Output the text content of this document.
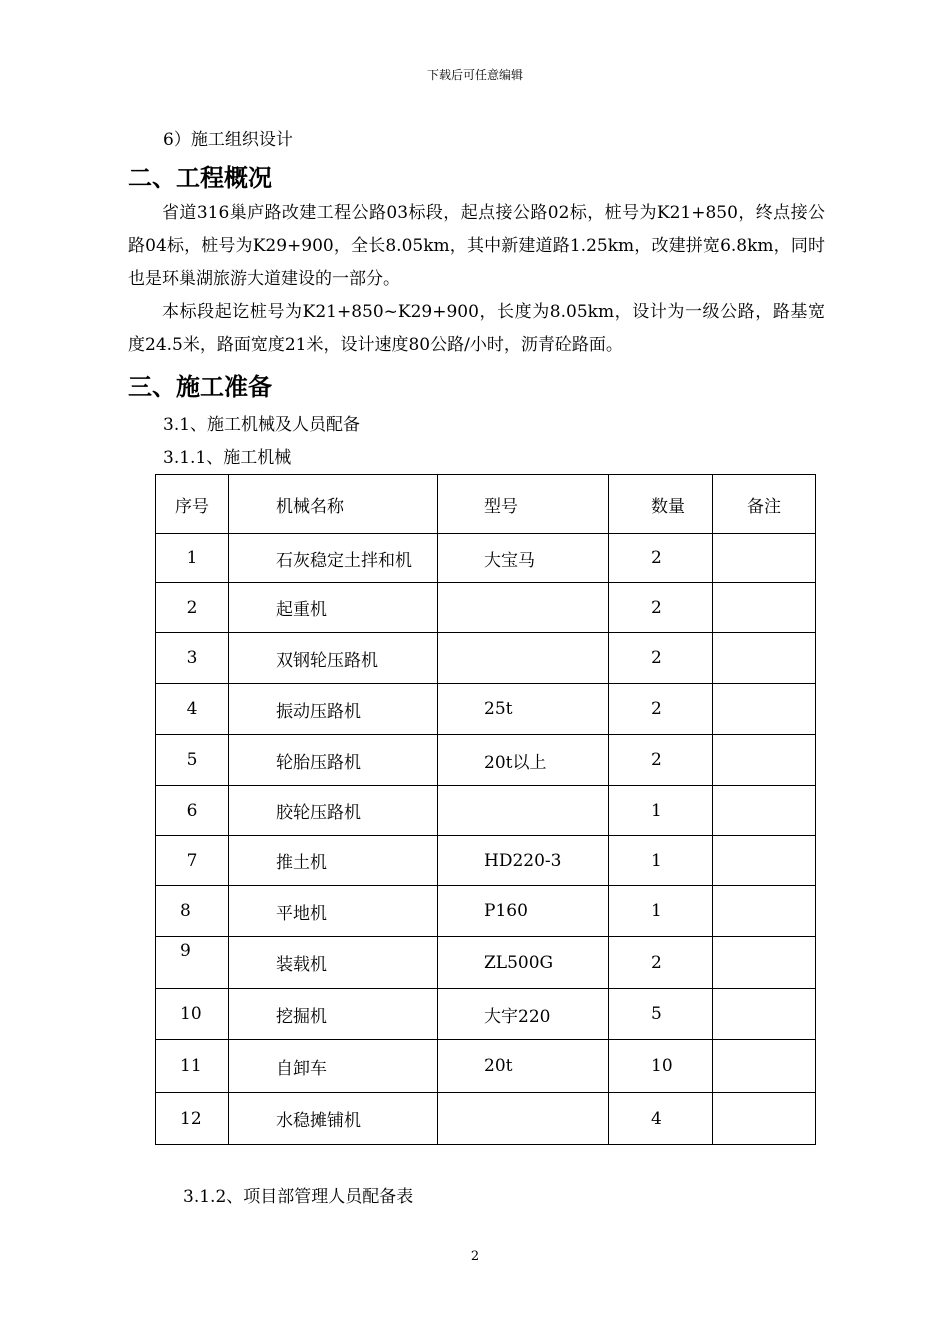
下载后可任意编辑
6）施工组织设计
二、工程概况
省道316巢庐路改建工程公路03标段，起点接公路02标，桩号为K21+850，终点接公路04标，桩号为K29+900，全长8.05km，其中新建道路1.25km，改建拼宽6.8km，同时也是环巢湖旅游大道建设的一部分。
本标段起讫桩号为K21+850~K29+900，长度为8.05km，设计为一级公路，路基宽度24.5米，路面宽度21米，设计速度80公路/小时，沥青砼路面。
三、施工准备
3.1、施工机械及人员配备
3.1.1、施工机械
序号	机械名称	型号	数量	备注
1	石灰稳定土拌和机	大宝马	2	
2	起重机		2	
3	双钢轮压路机		2	
4	振动压路机	25t	2	
5	轮胎压路机	20t以上	2	
6	胶轮压路机		1	
7	推土机	HD220-3	1	
8	平地机	P160	1	
9	装载机	ZL500G	2	
10	挖掘机	大宇220	5	
11	自卸车	20t	10	
12	水稳摊铺机		4	
3.1.2、项目部管理人员配备表
2
